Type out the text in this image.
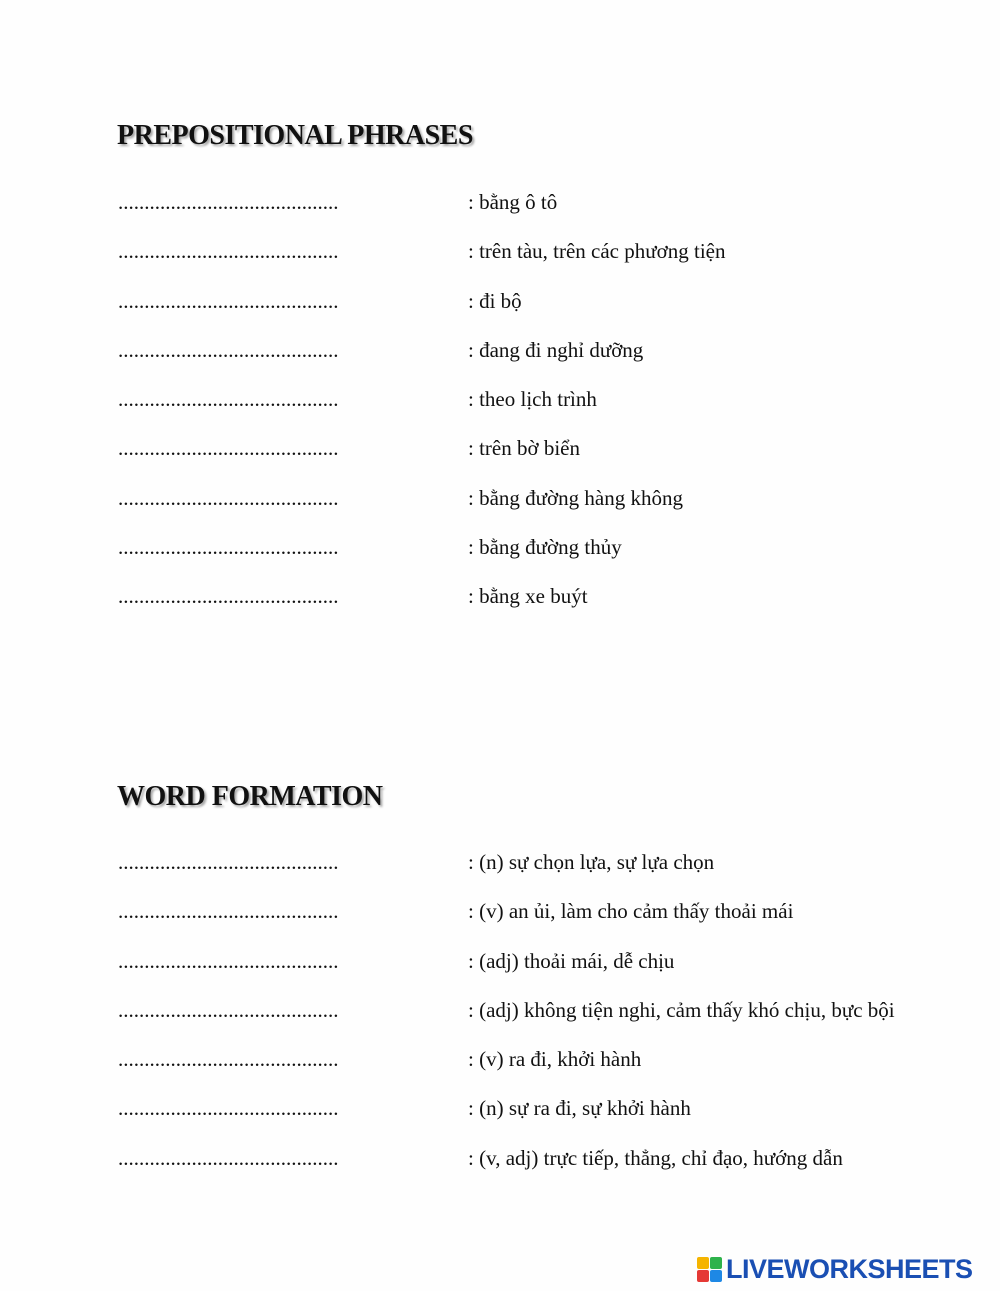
PREPOSITIONAL PHRASES
..........................................	: bằng ô tô
..........................................	: trên tàu, trên các phương tiện
..........................................	: đi bộ
..........................................	: đang đi nghỉ dưỡng
..........................................	: theo lịch trình
..........................................	: trên bờ biển
..........................................	: bằng đường hàng không
..........................................	: bằng đường thủy
..........................................	: bằng xe buýt
WORD FORMATION
..........................................	: (n) sự chọn lựa, sự lựa chọn
..........................................	: (v) an ủi, làm cho cảm thấy thoải mái
..........................................	: (adj) thoải mái, dễ chịu
..........................................	: (adj) không tiện nghi, cảm thấy khó chịu, bực bội
..........................................	: (v) ra đi, khởi hành
..........................................	: (n) sự ra đi, sự khởi hành
..........................................	: (v, adj) trực tiếp, thẳng, chỉ đạo, hướng dẫn
LIVEWORKSHEETS
